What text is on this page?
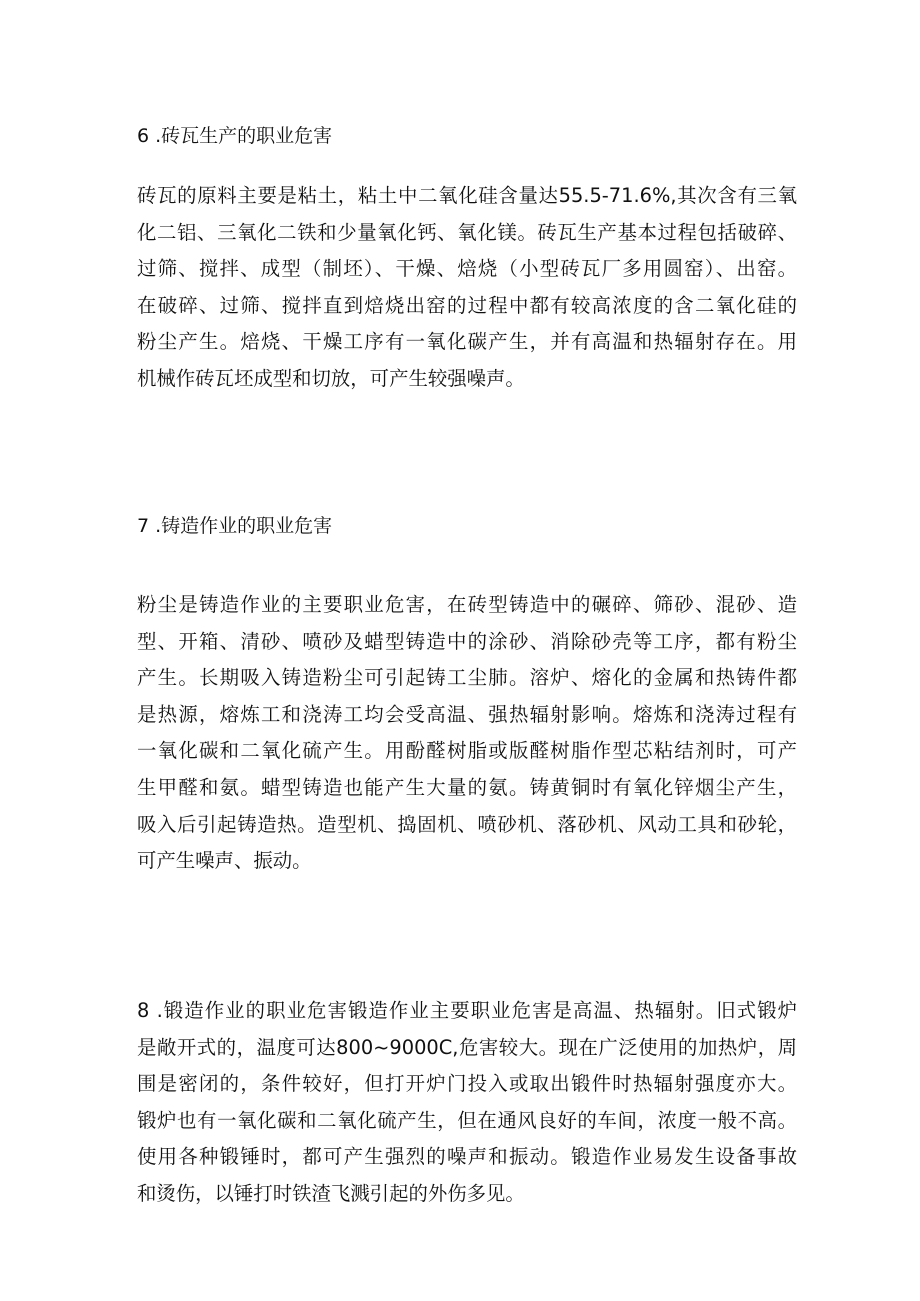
6 .砖瓦生产的职业危害
砖瓦的原料主要是粘土，粘土中二氧化硅含量达55.5-71.6%,其次含有三氧
化二铝、三氧化二铁和少量氧化钙、氧化镁。砖瓦生产基本过程包括破碎、
过筛、搅拌、成型（制坯）、干燥、焙烧（小型砖瓦厂多用圆窑）、出窑。
在破碎、过筛、搅拌直到焙烧出窑的过程中都有较高浓度的含二氧化硅的
粉尘产生。焙烧、干燥工序有一氧化碳产生，并有高温和热辐射存在。用
机械作砖瓦坯成型和切放，可产生较强噪声。
7 .铸造作业的职业危害
粉尘是铸造作业的主要职业危害，在砖型铸造中的碾碎、筛砂、混砂、造
型、开箱、清砂、喷砂及蜡型铸造中的涂砂、消除砂壳等工序，都有粉尘
产生。长期吸入铸造粉尘可引起铸工尘肺。溶炉、熔化的金属和热铸件都
是热源，熔炼工和浇涛工均会受高温、强热辐射影响。熔炼和浇涛过程有
一氧化碳和二氧化硫产生。用酚醛树脂或版醛树脂作型芯粘结剂时，可产
生甲醛和氨。蜡型铸造也能产生大量的氨。铸黄铜时有氧化锌烟尘产生，
吸入后引起铸造热。造型机、捣固机、喷砂机、落砂机、风动工具和砂轮，
可产生噪声、振动。
8 .锻造作业的职业危害锻造作业主要职业危害是高温、热辐射。旧式锻炉
是敞开式的，温度可达800~9000C,危害较大。现在广泛使用的加热炉，周
围是密闭的，条件较好，但打开炉门投入或取出锻件时热辐射强度亦大。
锻炉也有一氧化碳和二氧化硫产生，但在通风良好的车间，浓度一般不高。
使用各种锻锤时，都可产生强烈的噪声和振动。锻造作业易发生设备事故
和烫伤，以锤打时铁渣飞溅引起的外伤多见。
